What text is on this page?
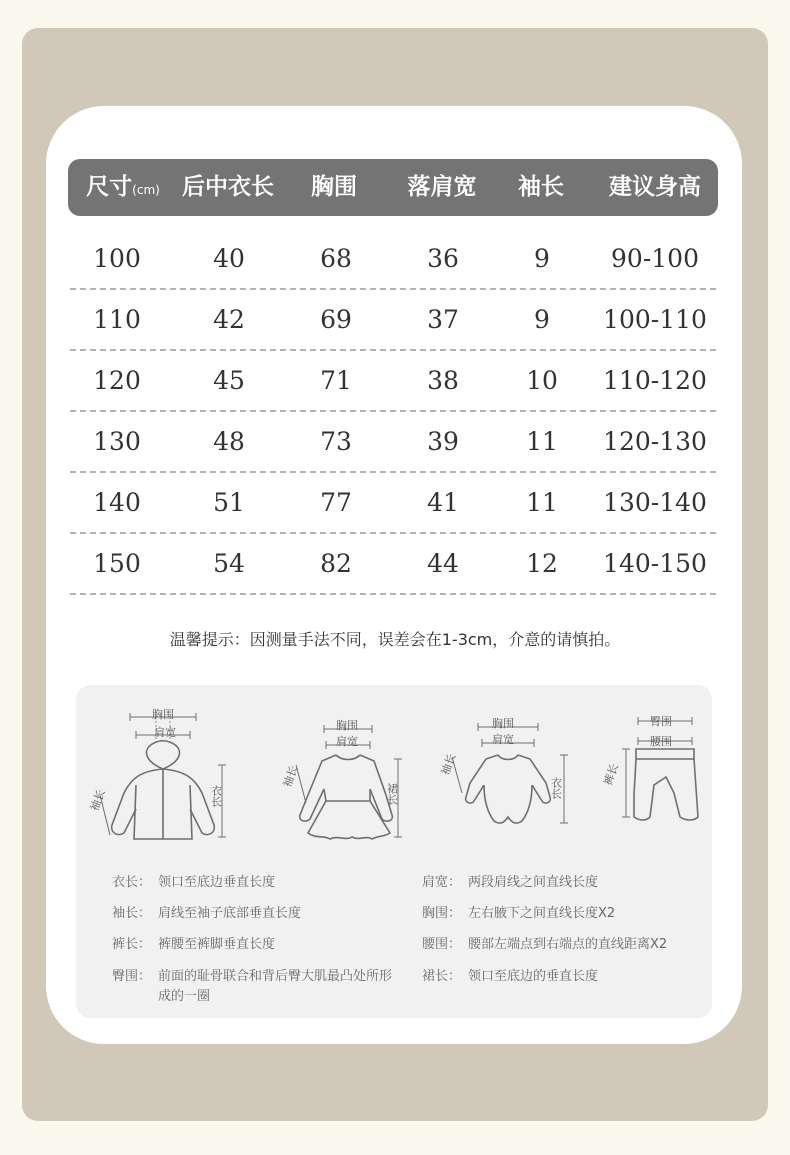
尺寸(cm) 后中衣长	胸围	落肩宽	袖长	建议身高
100	40	68	36	9 90-100
110	42	69	37	9 100-110
120	45	71	38	10 110-120
130	48	73	39	11 120-130
140	51	77	41	11 130-140
150	54	82	44	12 140-150
温馨提示：因测量手法不同，误差会在1-3cm，介意的请慎拍。
胸围
肩宽
袖长	衣长
胸围
肩宽
袖长
裙长
胸围
肩宽
袖长
衣长
臀围
腰围
裤长
衣长： 领口至底边垂直长度
袖长： 肩线至袖子底部垂直长度
裤长： 裤腰至裤脚垂直长度
臀围： 前面的耻骨联合和背后臀大肌最凸处所形成的一圈
肩宽： 两段肩线之间直线长度
胸围： 左右腋下之间直线长度X2
腰围： 腰部左端点到右端点的直线距离X2
裙长： 领口至底边的垂直长度
